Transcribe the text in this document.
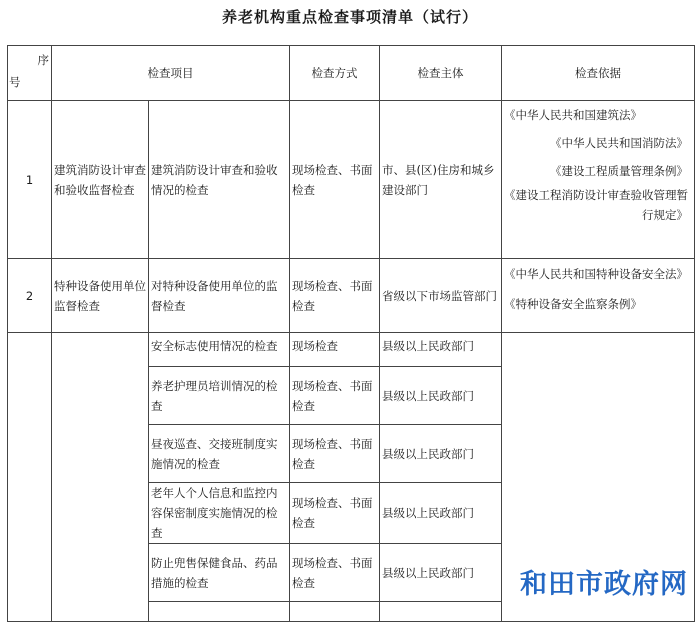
养老机构重点检查事项清单（试行）
序
号	检查项目		检查方式	检查主体	检查依据
1	建筑消防设计审查和验收监督检查	建筑消防设计审查和验收情况的检查	现场检查、书面检查	市、县(区)住房和城乡建设部门	《中华人民共和国建筑法》
《中华人民共和国消防法》
《建设工程质量管理条例》
《建设工程消防设计审查验收管理暂行规定》

2	特种设备使用单位监督检查	对特种设备使用单位的监督检查	现场检查、书面检查	省级以下市场监管部门	《中华人民共和国特种设备安全法》
《特种设备安全监察条例》

		安全标志使用情况的检查	现场检查	县级以上民政部门	
		养老护理员培训情况的检查	现场检查、书面检查	县级以上民政部门	
		昼夜巡查、交接班制度实施情况的检查	现场检查、书面检查	县级以上民政部门	
		老年人个人信息和监控内容保密制度实施情况的检查	现场检查、书面检查	县级以上民政部门	
		防止兜售保健食品、药品措施的检查	现场检查、书面检查	县级以上民政部门	
		和田市政府网
